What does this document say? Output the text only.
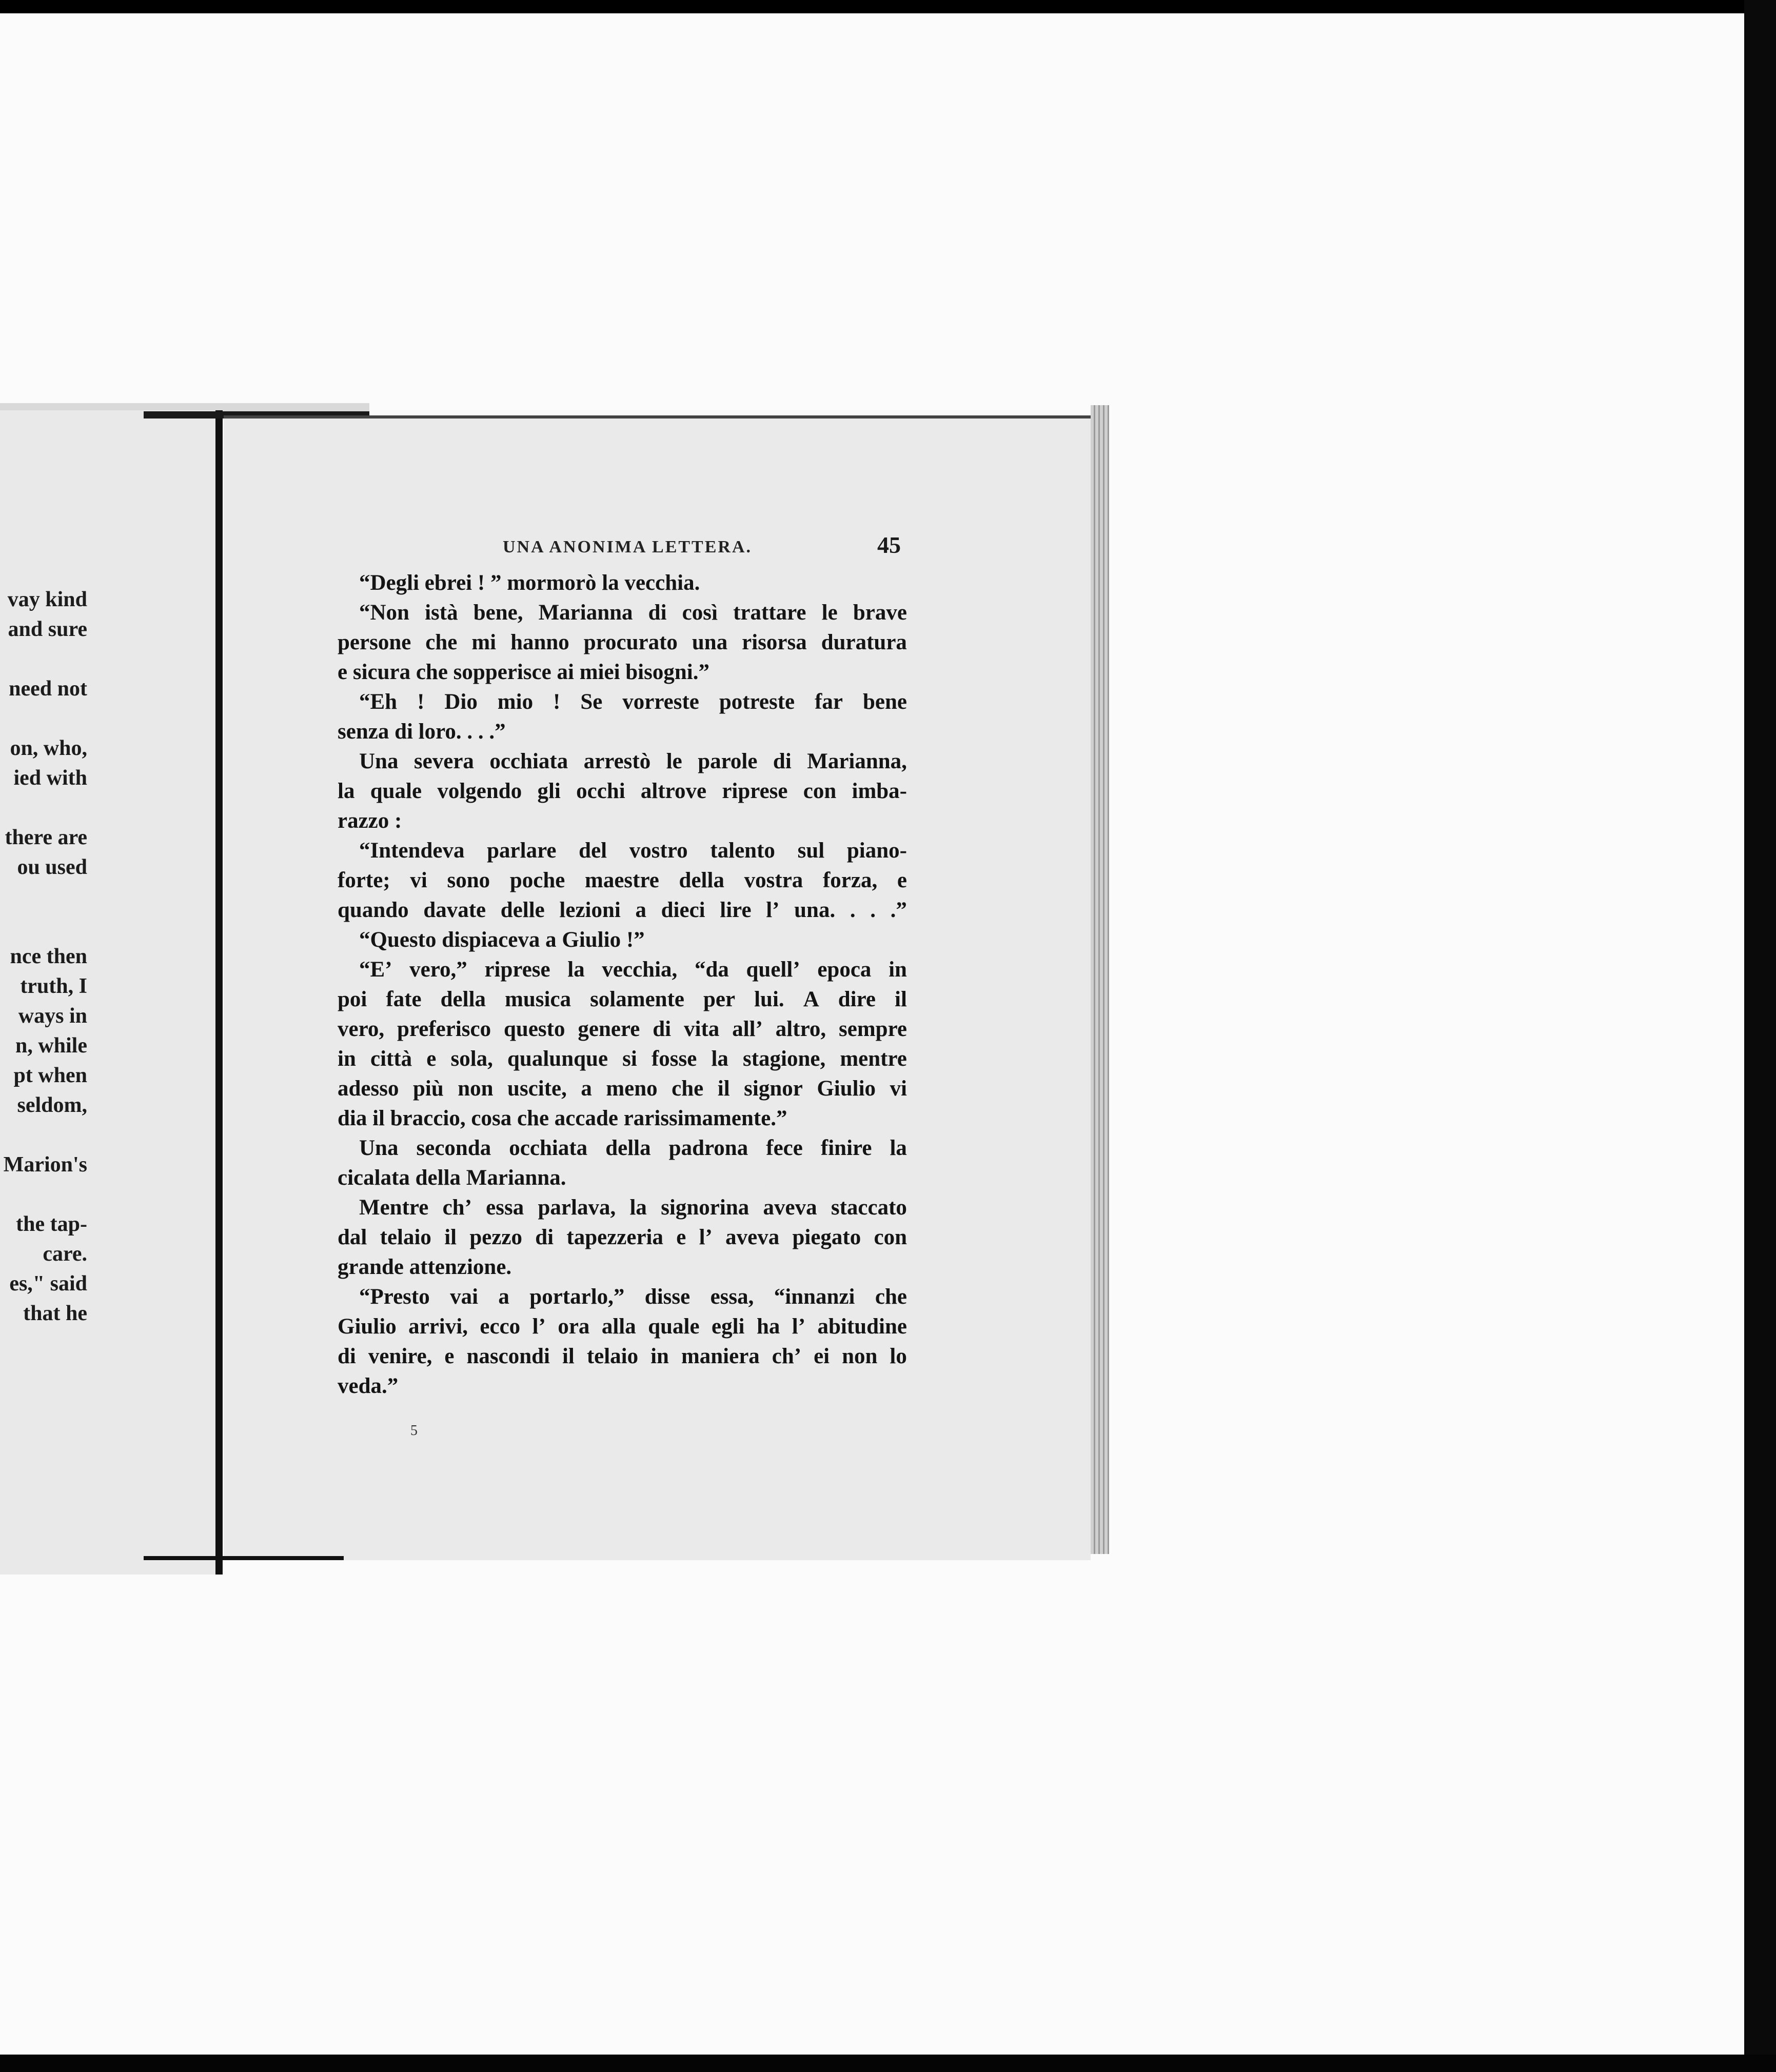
vay kind
and sure

need not

on, who,
ied with

there are
ou used

nce then
truth, I
ways in
n, while
pt when
seldom,

Marion's

the tap-
care.
es," said
that he
UNA ANONIMA LETTERA.	45
“Degli ebrei ! ” mormorò la vecchia.
“Non istà bene, Marianna di così trattare le brave
persone che mi hanno procurato una risorsa duratura
e sicura che sopperisce ai miei bisogni.”
“Eh ! Dio mio ! Se vorreste potreste far bene
senza di loro. . . .”
Una severa occhiata arrestò le parole di Marianna,
la quale volgendo gli occhi altrove riprese con imba-
razzo :
“Intendeva parlare del vostro talento sul piano-
forte; vi sono poche maestre della vostra forza, e
quando davate delle lezioni a dieci lire l’ una. . . .”
“Questo dispiaceva a Giulio !”
“E’ vero,” riprese la vecchia, “da quell’ epoca in
poi fate della musica solamente per lui. A dire il
vero, preferisco questo genere di vita all’ altro, sempre
in città e sola, qualunque si fosse la stagione, mentre
adesso più non uscite, a meno che il signor Giulio vi
dia il braccio, cosa che accade rarissimamente.”
Una seconda occhiata della padrona fece finire la
cicalata della Marianna.
Mentre ch’ essa parlava, la signorina aveva staccato
dal telaio il pezzo di tapezzeria e l’ aveva piegato con
grande attenzione.
“Presto vai a portarlo,” disse essa, “innanzi che
Giulio arrivi, ecco l’ ora alla quale egli ha l’ abitudine
di venire, e nascondi il telaio in maniera ch’ ei non lo
veda.”
5
